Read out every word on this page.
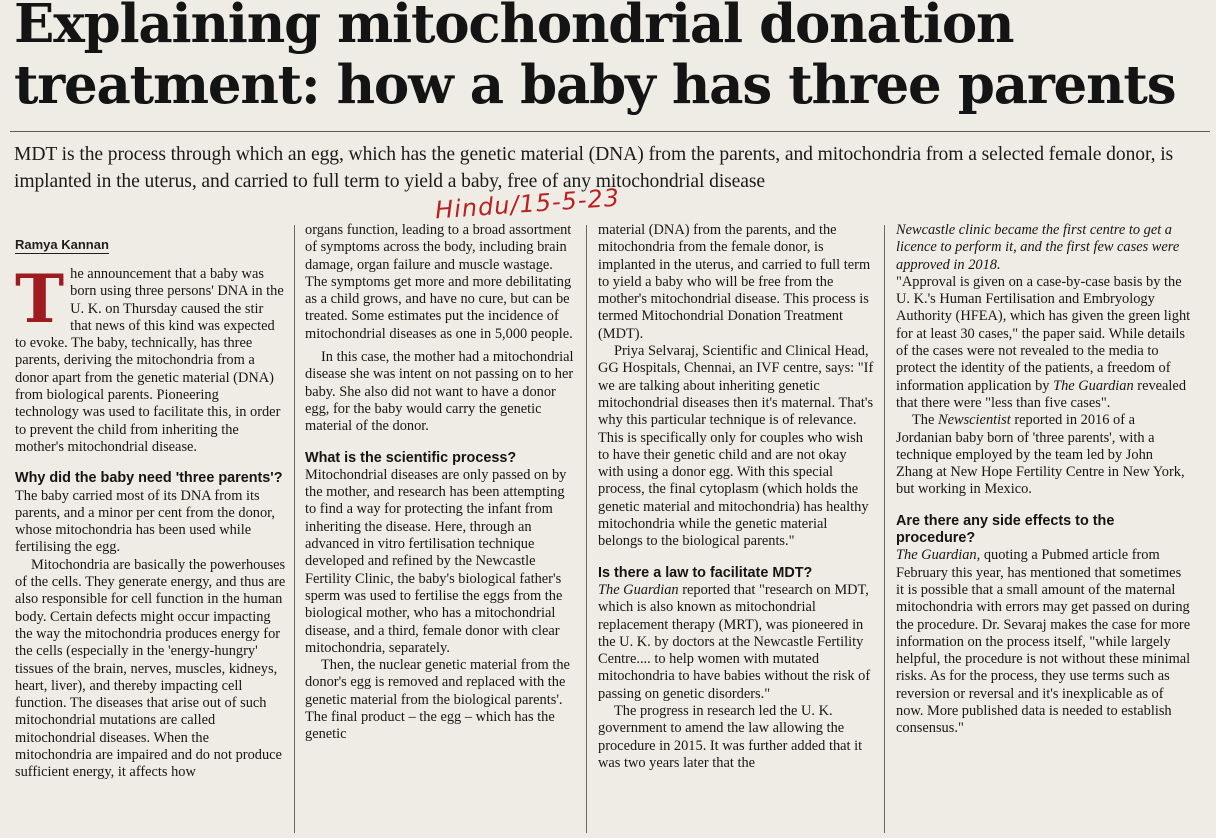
Explaining mitochondrial donation treatment: how a baby has three parents

MDT is the process through which an egg, which has the genetic material (DNA) from the parents, and mitochondria from a selected female donor, is implanted in the uterus, and carried to full term to yield a baby, free of any mitochondrial disease

Hindu/15-5-23
Ramya Kannan

The announcement that a baby was born using three persons' DNA in the U. K. on Thursday caused the stir that news of this kind was expected to evoke. The baby, technically, has three parents, deriving the mitochondria from a donor apart from the genetic material (DNA) from biological parents. Pioneering technology was used to facilitate this, in order to prevent the child from inheriting the mother's mitochondrial disease.

Why did the baby need 'three parents'?

The baby carried most of its DNA from its parents, and a minor per cent from the donor, whose mitochondria has been used while fertilising the egg.

Mitochondria are basically the powerhouses of the cells. They generate energy, and thus are also responsible for cell function in the human body. Certain defects might occur impacting the way the mitochondria produces energy for the cells (especially in the 'energy-hungry' tissues of the brain, nerves, muscles, kidneys, heart, liver), and thereby impacting cell function. The diseases that arise out of such mitochondrial mutations are called mitochondrial diseases. When the mitochondria are impaired and do not produce sufficient energy, it affects how

organs function, leading to a broad assortment of symptoms across the body, including brain damage, organ failure and muscle wastage. The symptoms get more and more debilitating as a child grows, and have no cure, but can be treated. Some estimates put the incidence of mitochondrial diseases as one in 5,000 people.

In this case, the mother had a mitochondrial disease she was intent on not passing on to her baby. She also did not want to have a donor egg, for the baby would carry the genetic material of the donor.

What is the scientific process?

Mitochondrial diseases are only passed on by the mother, and research has been attempting to find a way for protecting the infant from inheriting the disease. Here, through an advanced in vitro fertilisation technique developed and refined by the Newcastle Fertility Clinic, the baby's biological father's sperm was used to fertilise the eggs from the biological mother, who has a mitochondrial disease, and a third, female donor with clear mitochondria, separately.

Then, the nuclear genetic material from the donor's egg is removed and replaced with the genetic material from the biological parents'. The final product – the egg – which has the genetic

material (DNA) from the parents, and the mitochondria from the female donor, is implanted in the uterus, and carried to full term to yield a baby who will be free from the mother's mitochondrial disease. This process is termed Mitochondrial Donation Treatment (MDT).

Priya Selvaraj, Scientific and Clinical Head, GG Hospitals, Chennai, an IVF centre, says: "If we are talking about inheriting genetic mitochondrial diseases then it's maternal. That's why this particular technique is of relevance. This is specifically only for couples who wish to have their genetic child and are not okay with using a donor egg. With this special process, the final cytoplasm (which holds the genetic material and mitochondria) has healthy mitochondria while the genetic material belongs to the biological parents."

Is there a law to facilitate MDT?

The Guardian reported that "research on MDT, which is also known as mitochondrial replacement therapy (MRT), was pioneered in the U. K. by doctors at the Newcastle Fertility Centre.... to help women with mutated mitochondria to have babies without the risk of passing on genetic disorders."

The progress in research led the U. K. government to amend the law allowing the procedure in 2015. It was further added that it was two years later that the

Newcastle clinic became the first centre to get a licence to perform it, and the first few cases were approved in 2018.

"Approval is given on a case-by-case basis by the U. K.'s Human Fertilisation and Embryology Authority (HFEA), which has given the green light for at least 30 cases," the paper said. While details of the cases were not revealed to the media to protect the identity of the patients, a freedom of information application by The Guardian revealed that there were "less than five cases".

The Newscientist reported in 2016 of a Jordanian baby born of 'three parents', with a technique employed by the team led by John Zhang at New Hope Fertility Centre in New York, but working in Mexico.

Are there any side effects to the procedure?

The Guardian, quoting a Pubmed article from February this year, has mentioned that sometimes it is possible that a small amount of the maternal mitochondria with errors may get passed on during the procedure. Dr. Sevaraj makes the case for more information on the process itself, "while largely helpful, the procedure is not without these minimal risks. As for the process, they use terms such as reversion or reversal and it's inexplicable as of now. More published data is needed to establish consensus."
